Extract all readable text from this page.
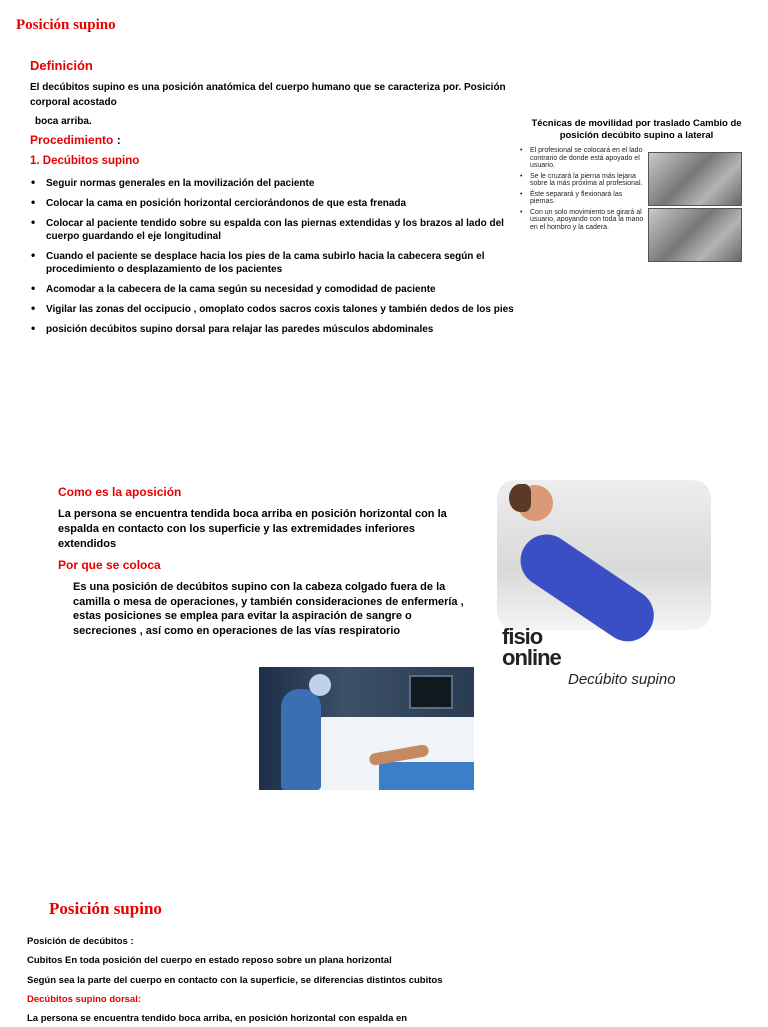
Posición supino
Definición
El decúbitos supino es una posición anatómica del cuerpo humano que se caracteriza por. Posición
corporal acostado
boca arriba.
Procedimiento :
1. Decúbitos supino
• Seguir normas generales en la movilización del paciente
• Colocar la cama en posición horizontal cerciorándonos de que esta frenada
• Colocar al paciente tendido sobre su espalda con las piernas extendidas y los brazos al lado del cuerpo guardando el eje longitudinal
• Cuando el paciente se desplace hacia los pies de la cama subirlo hacia la cabecera según el procedimiento o desplazamiento de los pacientes
• Acomodar a la cabecera de la cama según su necesidad y comodidad de paciente
• Vigilar las zonas del occipucio , omoplato codos sacros coxis talones y también dedos de los pies
• posición decúbitos supino dorsal para relajar las paredes músculos abdominales
Técnicas de movilidad por traslado Cambio de
posición decúbito supino a lateral
• El profesional se colocará en el lado contrario de donde está apoyado el usuario.
• Se le cruzará la pierna más lejana sobre la más próxima al profesional.
• Éste separará y flexionará las piernas.
• Con un solo movimiento se girará al usuario, apoyando con toda la mano en el hombro y la cadera.
Como es la aposición
La persona se encuentra tendida boca arriba en posición horizontal con la espalda en contacto con los superficie y las extremidades inferiores extendidos
Por que se coloca
Es una posición de decúbitos supino con la cabeza colgado fuera de la camilla o mesa de operaciones, y también consideraciones de enfermería , estas posiciones se emplea para evitar la aspiración de sangre o secreciones , así como en operaciones de las vías respiratorio	fisio
online
Decúbito supino
Posición supino
Posición de decúbitos :
Cubitos En toda posición del cuerpo en estado reposo sobre un plana horizontal
Según sea la parte del cuerpo en contacto con la superficie, se diferencias distintos cubitos
Decúbitos supino dorsal:
La persona se encuentra tendido boca arriba, en posición horizontal con espalda en
